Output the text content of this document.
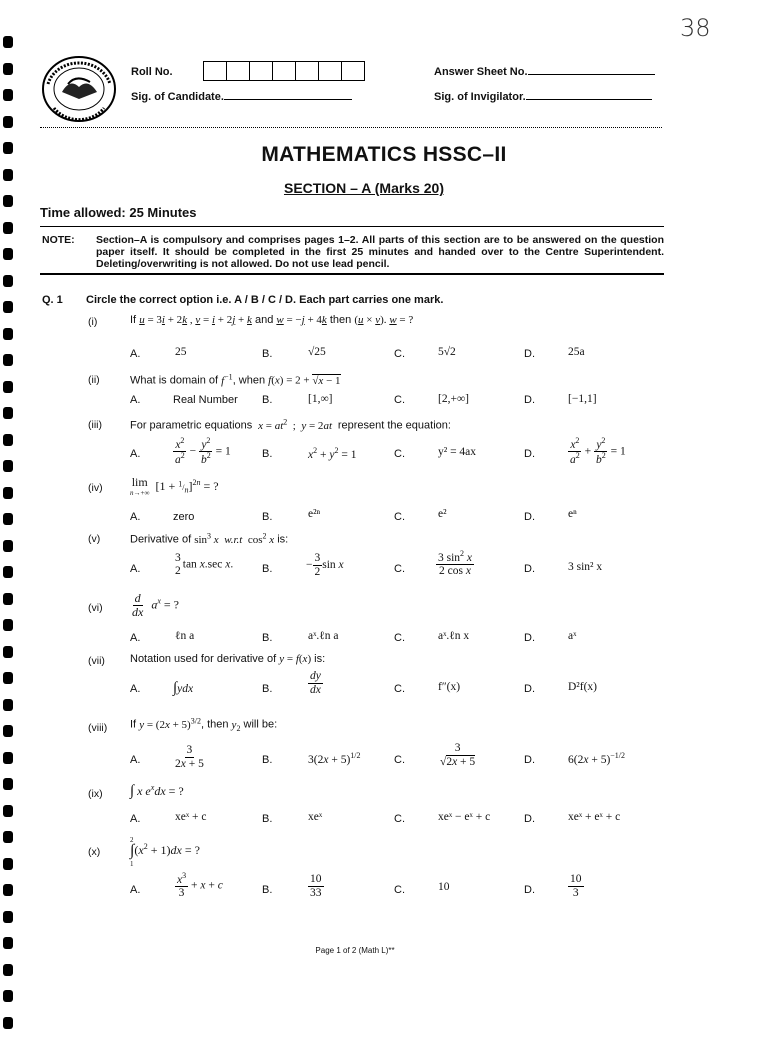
38
Roll No.
Sig. of Candidate.
Answer Sheet No.
Sig. of Invigilator.
MATHEMATICS HSSC–II
SECTION – A (Marks 20)
Time allowed: 25 Minutes
NOTE: Section–A is compulsory and comprises pages 1–2. All parts of this section are to be answered on the question paper itself. It should be completed in the first 25 minutes and handed over to the Centre Superintendent. Deleting/overwriting is not allowed. Do not use lead pencil.
Q. 1 Circle the correct option i.e. A / B / C / D. Each part carries one mark.
(i)	If u = 3i + 2k , v = i + 2j + k and w = −j + 4k then (u × v). w = ?
A.	25	B.	√25	C.	5√2	D.	25a
(ii)	What is domain of $f^{-1}$, when f(x) = 2 + √x − 1
A.	Real Number B.	[1,∞]	C.	[2,+∞]	D.	[−1,1]
(iii)	For parametric equations $x = at^2$  ;  y = 2at represent the equation:
A.	$\frac{x^2}{a^2} - \frac{y^2}{b^2} = 1$	B.	$x^2 + y^2 = 1$	C.	y² = 4ax	D.	$\frac{x^2}{a^2} + \frac{y^2}{b^2} = 1$
(iv) lim
n→+∞  $[1 + ^1/_n]^{2n}$ = ?
A.	zero	B.	e²ⁿ	C.	e²	D.	eⁿ
(v)	Derivative of $\sin^3 x$ w.r.t  $\cos^2 x$ is:
A.
3
2
tan x.sec x.	B.	− $\frac{3}{2}$ sin x	C.	$\frac{3 \sin^2 x}{\text{2 cos x}}$	D.	3 sin² x
$(vi) \frac{d}{dx} a^x$ = ?
A.	ℓn a	B.	aˣ.ℓn a	C.	aˣ.ℓn x	D.	aˣ
(vii) Notation used for derivative of y = f(x) is:
A. ∫ydx	B.	$\frac{dy}{dx}$	C.	f″(x)	D.	D²f(x)
(viii) If $y = (2x + 5)^{3/2}$, then $y_2$ will be:
A.	$\frac{3}{2x + 5}$	B.	$3(2x + 5)^{1/2}$	C.	$\frac{3}{√2x + 5}$	D.	$6(2x + 5)^{-1/2}$
(ix) ∫ x $e^xdx$ = ?
A.	xeˣ + c	B.	xeˣ	C.	xeˣ − eˣ + c	D.	xeˣ + eˣ + c
(x)
2
∫
$1(x^2 + 1)dx$ = ?
A.	$\frac{x^3}{3} + x + c$	B.	$\frac{10}{33}$	C.	10	D.	$\frac{10}{3}$
Page 1 of 2 (Math L)**
